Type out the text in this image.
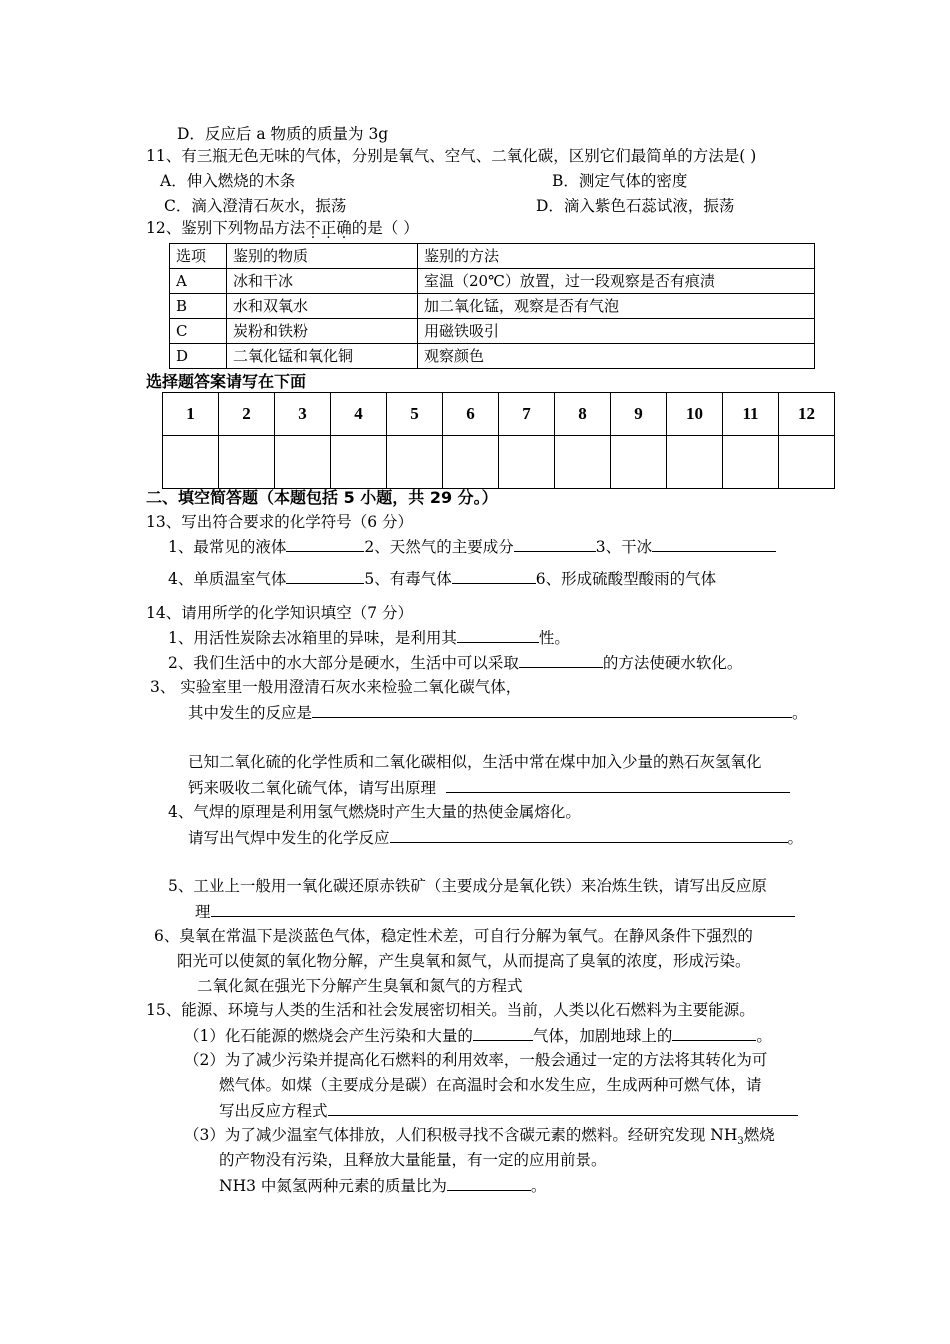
D．反应后 a 物质的质量为 3g
11、有三瓶无色无味的气体，分别是氧气、空气、二氧化碳，区别它们最简单的方法是( )
A．伸入燃烧的木条	B．测定气体的密度
C．滴入澄清石灰水，振荡	D．滴入紫色石蕊试液，振荡
12、鉴别下列物品方法不正确的是（ ）
选项	鉴别的物质	鉴别的方法
A	冰和干冰	室温（20℃）放置，过一段观察是否有痕渍
B	水和双氧水	加二氧化锰，观察是否有气泡
C	炭粉和铁粉	用磁铁吸引
D	二氧化锰和氧化铜	观察颜色
选择题答案请写在下面
1	2	3	4	5	6	7	8	9	10	11	12

二、填空简答题（本题包括 5 小题，共 29 分。）
13、写出符合要求的化学符号（6 分）
1、最常见的液体	2、天然气的主要成分	3、干冰
4、单质温室气体	5、有毒气体	6、形成硫酸型酸雨的气体
14、请用所学的化学知识填空（7 分）
1、用活性炭除去冰箱里的异味，是利用其	性。
2、我们生活中的水大部分是硬水，生活中可以采取	的方法使硬水软化。
3、 实验室里一般用澄清石灰水来检验二氧化碳气体，
其中发生的反应是	。
已知二氧化硫的化学性质和二氧化碳相似，生活中常在煤中加入少量的熟石灰氢氧化
钙来吸收二氧化硫气体，请写出原理
4、气焊的原理是利用氢气燃烧时产生大量的热使金属熔化。
请写出气焊中发生的化学反应	。
5、工业上一般用一氧化碳还原赤铁矿（主要成分是氧化铁）来冶炼生铁，请写出反应原
理
6、臭氧在常温下是淡蓝色气体，稳定性术差，可自行分解为氧气。在静风条件下强烈的
阳光可以使氮的氧化物分解，产生臭氧和氮气，从而提高了臭氧的浓度，形成污染。
二氧化氮在强光下分解产生臭氧和氮气的方程式
15、能源、环境与人类的生活和社会发展密切相关。当前，人类以化石燃料为主要能源。
（1）化石能源的燃烧会产生污染和大量的	气体，加剧地球上的	。
（2）为了减少污染并提高化石燃料的利用效率，一般会通过一定的方法将其转化为可
燃气体。如煤（主要成分是碳）在高温时会和水发生应，生成两种可燃气体，请
写出反应方程式
（3）为了减少温室气体排放，人们积极寻找不含碳元素的燃料。经研究发现 $NH_3$燃烧
的产物没有污染，且释放大量能量，有一定的应用前景。
NH3 中氮氢两种元素的质量比为	。
